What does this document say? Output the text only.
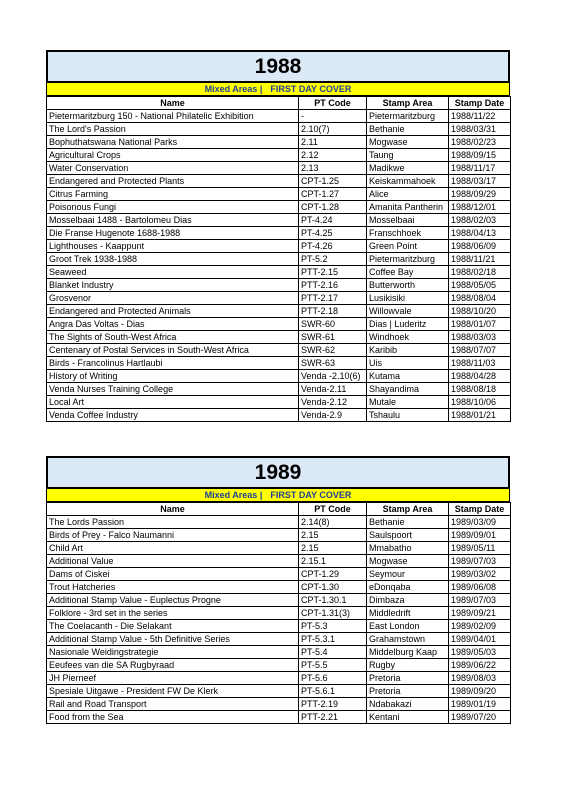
1988
Mixed Areas | FIRST DAY COVER
Name	PT Code	Stamp Area	Stamp Date
Pietermaritzburg 150 - National Philatelic Exhibition	-	Pietermaritzburg	1988/11/22
The Lord's Passion	2.10(7)	Bethanie	1988/03/31
Bophuthatswana National Parks	2.11	Mogwase	1988/02/23
Agricultural Crops	2.12	Taung	1988/09/15
Water Conservation	2.13	Madikwe	1988/11/17
Endangered and Protected Plants	CPT-1.25	Keiskammahoek	1988/03/17
Citrus Farming	CPT-1.27	Alice	1988/09/29
Poisonous Fungi	CPT-1.28	Amanita Pantherin	1988/12/01
Mosselbaai 1488 - Bartolomeu Dias	PT-4.24	Mosselbaai	1988/02/03
Die Franse Hugenote 1688-1988	PT-4.25	Franschhoek	1988/04/13
Lighthouses - Kaappunt	PT-4.26	Green Point	1988/06/09
Groot Trek 1938-1988	PT-5.2	Pietermaritzburg	1988/11/21
Seaweed	PTT-2.15	Coffee Bay	1988/02/18
Blanket Industry	PTT-2.16	Butterworth	1988/05/05
Grosvenor	PTT-2.17	Lusikisiki	1988/08/04
Endangered and Protected Animals	PTT-2.18	Willowvale	1988/10/20
Angra Das Voltas - Dias	SWR-60	Dias | Luderitz	1988/01/07
The Sights of South-West Africa	SWR-61	Windhoek	1988/03/03
Centenary of Postal Services in South-West Africa	SWR-62	Karibib	1988/07/07
Birds - Francolinus Hartlaubi	SWR-63	Uis	1988/11/03
History of Writing	Venda -2.10(6)	Kutama	1988/04/28
Venda Nurses Training College	Venda-2.11	Shayandima	1988/08/18
Local Art	Venda-2.12	Mutale	1988/10/06
Venda Coffee Industry	Venda-2.9	Tshaulu	1988/01/21
1989
Mixed Areas | FIRST DAY COVER
Name	PT Code	Stamp Area	Stamp Date
The Lords Passion	2.14(8)	Bethanie	1989/03/09
Birds of Prey - Falco Naumanni	2.15	Saulspoort	1989/09/01
Child Art	2.15	Mmabatho	1989/05/11
Additional Value	2.15.1	Mogwase	1989/07/03
Dams of Ciskei	CPT-1.29	Seymour	1989/03/02
Trout Hatcheries	CPT-1.30	eDonqaba	1989/06/08
Additional Stamp Value - Euplectus Progne	CPT-1.30.1	Dimbaza	1989/07/03
Folklore - 3rd set in the series	CPT-1.31(3)	Middledrift	1989/09/21
The Coelacanth - Die Selakant	PT-5.3	East London	1989/02/09
Additional Stamp Value - 5th Definitive Series	PT-5.3.1	Grahamstown	1989/04/01
Nasionale Weidingstrategie	PT-5.4	Middelburg Kaap	1989/05/03
Eeufees van die SA Rugbyraad	PT-5.5	Rugby	1989/06/22
JH Pierneef	PT-5.6	Pretoria	1989/08/03
Spesiale Uitgawe - President FW De Klerk	PT-5.6.1	Pretoria	1989/09/20
Rail and Road Transport	PTT-2.19	Ndabakazi	1989/01/19
Food from the Sea	PTT-2.21	Kentani	1989/07/20
